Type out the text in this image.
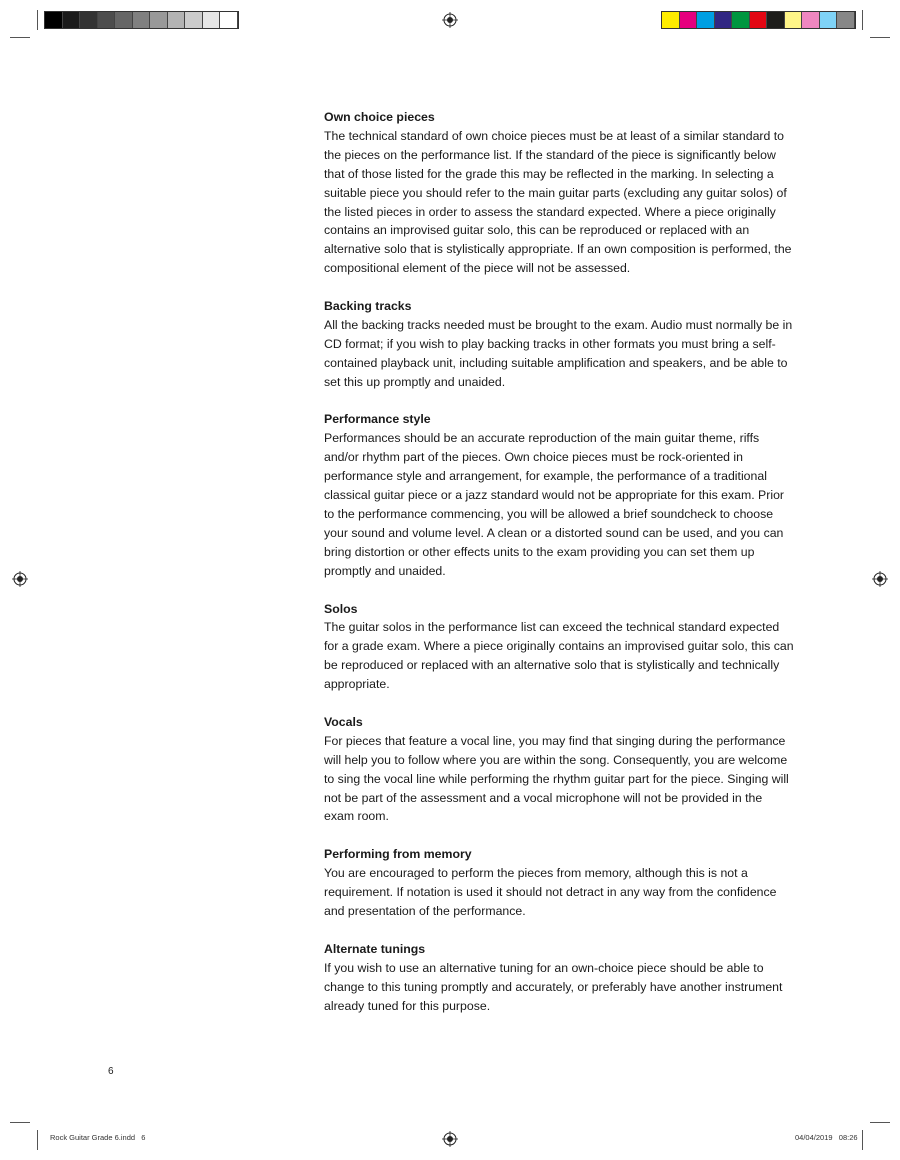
Own choice pieces

The technical standard of own choice pieces must be at least of a similar standard to the pieces on the performance list. If the standard of the piece is significantly below that of those listed for the grade this may be reflected in the marking. In selecting a suitable piece you should refer to the main guitar parts (excluding any guitar solos) of the listed pieces in order to assess the standard expected. Where a piece originally contains an improvised guitar solo, this can be reproduced or replaced with an alternative solo that is stylistically appropriate. If an own composition is performed, the compositional element of the piece will not be assessed.

Backing tracks

All the backing tracks needed must be brought to the exam. Audio must normally be in CD format; if you wish to play backing tracks in other formats you must bring a self-contained playback unit, including suitable amplification and speakers, and be able to set this up promptly and unaided.

Performance style

Performances should be an accurate reproduction of the main guitar theme, riffs and/or rhythm part of the pieces. Own choice pieces must be rock-oriented in performance style and arrangement, for example, the performance of a traditional classical guitar piece or a jazz standard would not be appropriate for this exam. Prior to the performance commencing, you will be allowed a brief soundcheck to choose your sound and volume level. A clean or a distorted sound can be used, and you can bring distortion or other effects units to the exam providing you can set them up promptly and unaided.

Solos

The guitar solos in the performance list can exceed the technical standard expected for a grade exam. Where a piece originally contains an improvised guitar solo, this can be reproduced or replaced with an alternative solo that is stylistically and technically appropriate.

Vocals

For pieces that feature a vocal line, you may find that singing during the performance will help you to follow where you are within the song. Consequently, you are welcome to sing the vocal line while performing the rhythm guitar part for the piece. Singing will not be part of the assessment and a vocal microphone will not be provided in the exam room.

Performing from memory

You are encouraged to perform the pieces from memory, although this is not a requirement. If notation is used it should not detract in any way from the confidence and presentation of the performance.

Alternate tunings

If you wish to use an alternative tuning for an own-choice piece should be able to change to this tuning promptly and accurately, or preferably have another instrument already tuned for this purpose.

6
Rock Guitar Grade 6.indd   6	04/04/2019   08:26
